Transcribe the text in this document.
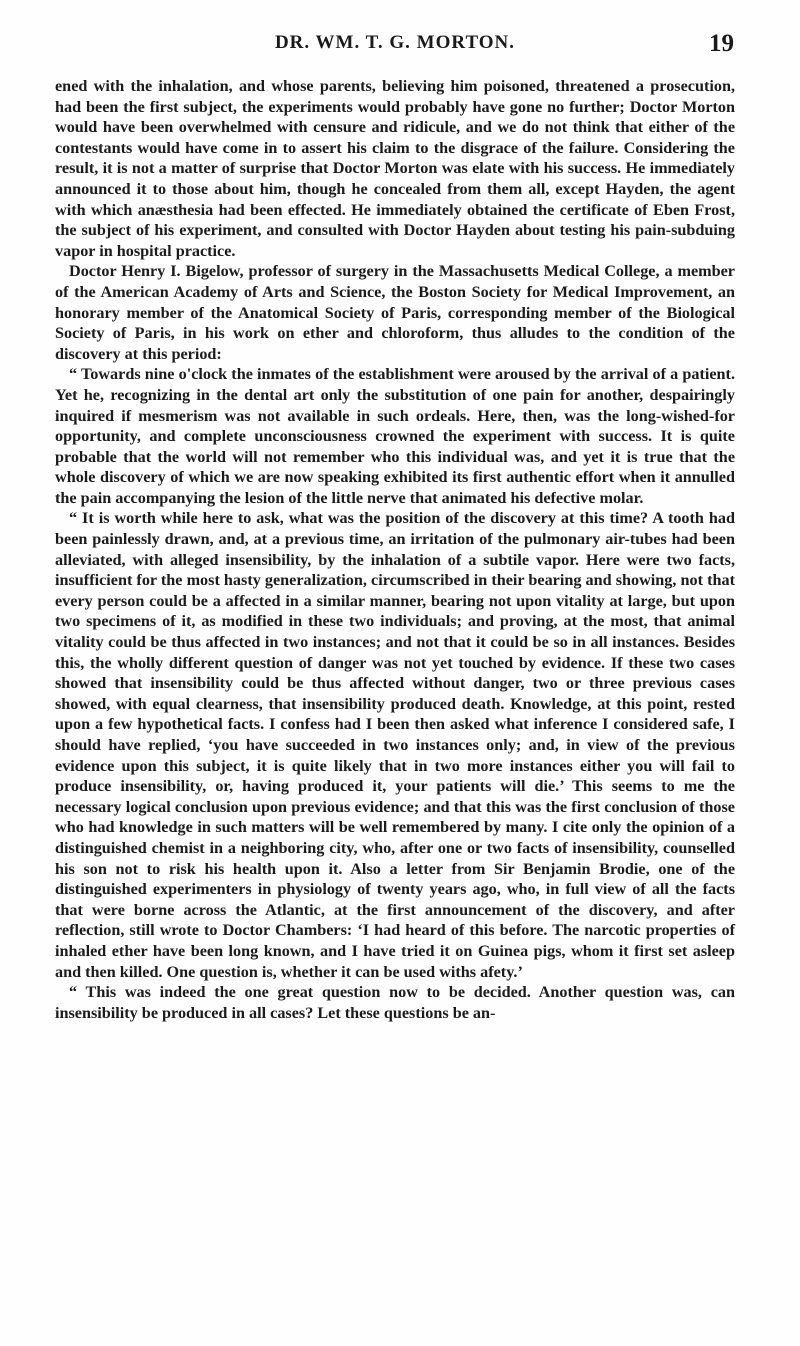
DR. WM. T. G. MORTON.	19

ened with the inhalation, and whose parents, believing him poisoned, threatened a prosecution, had been the first subject, the experiments would probably have gone no further; Doctor Morton would have been overwhelmed with censure and ridicule, and we do not think that either of the contestants would have come in to assert his claim to the disgrace of the failure. Considering the result, it is not a matter of surprise that Doctor Morton was elate with his success. He immediately announced it to those about him, though he concealed from them all, except Hayden, the agent with which anæsthesia had been effected. He immediately obtained the certificate of Eben Frost, the subject of his experiment, and consulted with Doctor Hayden about testing his pain-subduing vapor in hospital practice.

Doctor Henry I. Bigelow, professor of surgery in the Massachusetts Medical College, a member of the American Academy of Arts and Science, the Boston Society for Medical Improvement, an honorary member of the Anatomical Society of Paris, corresponding member of the Biological Society of Paris, in his work on ether and chloroform, thus alludes to the condition of the discovery at this period:

“ Towards nine o'clock the inmates of the establishment were aroused by the arrival of a patient. Yet he, recognizing in the dental art only the substitution of one pain for another, despairingly inquired if mesmerism was not available in such ordeals. Here, then, was the long-wished-for opportunity, and complete unconsciousness crowned the experiment with success. It is quite probable that the world will not remember who this individual was, and yet it is true that the whole discovery of which we are now speaking exhibited its first authentic effort when it annulled the pain accompanying the lesion of the little nerve that animated his defective molar.

“ It is worth while here to ask, what was the position of the discovery at this time? A tooth had been painlessly drawn, and, at a previous time, an irritation of the pulmonary air-tubes had been alleviated, with alleged insensibility, by the inhalation of a subtile vapor. Here were two facts, insufficient for the most hasty generalization, circumscribed in their bearing and showing, not that every person could be a affected in a similar manner, bearing not upon vitality at large, but upon two specimens of it, as modified in these two individuals; and proving, at the most, that animal vitality could be thus affected in two instances; and not that it could be so in all instances. Besides this, the wholly different question of danger was not yet touched by evidence. If these two cases showed that insensibility could be thus affected without danger, two or three previous cases showed, with equal clearness, that insensibility produced death. Knowledge, at this point, rested upon a few hypothetical facts. I confess had I been then asked what inference I considered safe, I should have replied, ‘you have succeeded in two instances only; and, in view of the previous evidence upon this subject, it is quite likely that in two more instances either you will fail to produce insensibility, or, having produced it, your patients will die.’ This seems to me the necessary logical conclusion upon previous evidence; and that this was the first conclusion of those who had knowledge in such matters will be well remembered by many. I cite only the opinion of a distinguished chemist in a neighboring city, who, after one or two facts of insensibility, counselled his son not to risk his health upon it. Also a letter from Sir Benjamin Brodie, one of the distinguished experimenters in physiology of twenty years ago, who, in full view of all the facts that were borne across the Atlantic, at the first announcement of the discovery, and after reflection, still wrote to Doctor Chambers: ‘I had heard of this before. The narcotic properties of inhaled ether have been long known, and I have tried it on Guinea pigs, whom it first set asleep and then killed. One question is, whether it can be used withs afety.’

“ This was indeed the one great question now to be decided. Another question was, can insensibility be produced in all cases? Let these questions be an-
